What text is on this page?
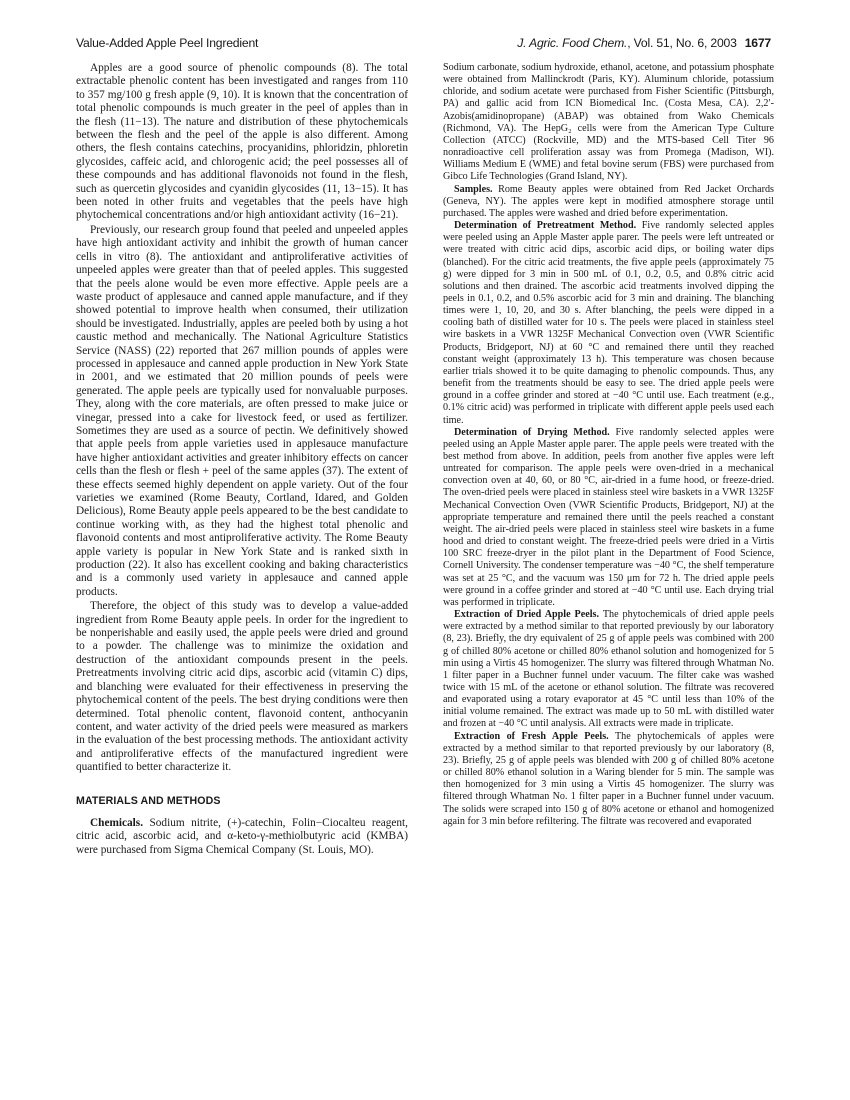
Value-Added Apple Peel Ingredient	J. Agric. Food Chem., Vol. 51, No. 6, 2003 1677

Apples are a good source of phenolic compounds (8). The total extractable phenolic content has been investigated and ranges from 110 to 357 mg/100 g fresh apple (9, 10). It is known that the concentration of total phenolic compounds is much greater in the peel of apples than in the flesh (11−13). The nature and distribution of these phytochemicals between the flesh and the peel of the apple is also different. Among others, the flesh contains catechins, procyanidins, phloridzin, phloretin glycosides, caffeic acid, and chlorogenic acid; the peel possesses all of these compounds and has additional flavonoids not found in the flesh, such as quercetin glycosides and cyanidin glycosides (11, 13−15). It has been noted in other fruits and vegetables that the peels have high phytochemical concentrations and/or high antioxidant activity (16−21).

Previously, our research group found that peeled and unpeeled apples have high antioxidant activity and inhibit the growth of human cancer cells in vitro (8). The antioxidant and antiproliferative activities of unpeeled apples were greater than that of peeled apples. This suggested that the peels alone would be even more effective. Apple peels are a waste product of applesauce and canned apple manufacture, and if they showed potential to improve health when consumed, their utilization should be investigated. Industrially, apples are peeled both by using a hot caustic method and mechanically. The National Agriculture Statistics Service (NASS) (22) reported that 267 million pounds of apples were processed in applesauce and canned apple production in New York State in 2001, and we estimated that 20 million pounds of peels were generated. The apple peels are typically used for nonvaluable purposes. They, along with the core materials, are often pressed to make juice or vinegar, pressed into a cake for livestock feed, or used as fertilizer. Sometimes they are used as a source of pectin. We definitively showed that apple peels from apple varieties used in applesauce manufacture have higher antioxidant activities and greater inhibitory effects on cancer cells than the flesh or flesh + peel of the same apples (37). The extent of these effects seemed highly dependent on apple variety. Out of the four varieties we examined (Rome Beauty, Cortland, Idared, and Golden Delicious), Rome Beauty apple peels appeared to be the best candidate to continue working with, as they had the highest total phenolic and flavonoid contents and most antiproliferative activity. The Rome Beauty apple variety is popular in New York State and is ranked sixth in production (22). It also has excellent cooking and baking characteristics and is a commonly used variety in applesauce and canned apple products.

Therefore, the object of this study was to develop a value-added ingredient from Rome Beauty apple peels. In order for the ingredient to be nonperishable and easily used, the apple peels were dried and ground to a powder. The challenge was to minimize the oxidation and destruction of the antioxidant compounds present in the peels. Pretreatments involving citric acid dips, ascorbic acid (vitamin C) dips, and blanching were evaluated for their effectiveness in preserving the phytochemical content of the peels. The best drying conditions were then determined. Total phenolic content, flavonoid content, anthocyanin content, and water activity of the dried peels were measured as markers in the evaluation of the best processing methods. The antioxidant activity and antiproliferative effects of the manufactured ingredient were quantified to better characterize it.

MATERIALS AND METHODS

Chemicals. Sodium nitrite, (+)-catechin, Folin−Ciocalteu reagent, citric acid, ascorbic acid, and α-keto-γ-methiolbutyric acid (KMBA) were purchased from Sigma Chemical Company (St. Louis, MO).

Sodium carbonate, sodium hydroxide, ethanol, acetone, and potassium phosphate were obtained from Mallinckrodt (Paris, KY). Aluminum chloride, potassium chloride, and sodium acetate were purchased from Fisher Scientific (Pittsburgh, PA) and gallic acid from ICN Biomedical Inc. (Costa Mesa, CA). 2,2′-Azobis(amidinopropane) (ABAP) was obtained from Wako Chemicals (Richmond, VA). The HepG₂ cells were from the American Type Culture Collection (ATCC) (Rockville, MD) and the MTS-based Cell Titer 96 nonradioactive cell proliferation assay was from Promega (Madison, WI). Williams Medium E (WME) and fetal bovine serum (FBS) were purchased from Gibco Life Technologies (Grand Island, NY).

Samples. Rome Beauty apples were obtained from Red Jacket Orchards (Geneva, NY). The apples were kept in modified atmosphere storage until purchased. The apples were washed and dried before experimentation.

Determination of Pretreatment Method. Five randomly selected apples were peeled using an Apple Master apple parer. The peels were left untreated or were treated with citric acid dips, ascorbic acid dips, or boiling water dips (blanched). For the citric acid treatments, the five apple peels (approximately 75 g) were dipped for 3 min in 500 mL of 0.1, 0.2, 0.5, and 0.8% citric acid solutions and then drained. The ascorbic acid treatments involved dipping the peels in 0.1, 0.2, and 0.5% ascorbic acid for 3 min and draining. The blanching times were 1, 10, 20, and 30 s. After blanching, the peels were dipped in a cooling bath of distilled water for 10 s. The peels were placed in stainless steel wire baskets in a VWR 1325F Mechanical Convection oven (VWR Scientific Products, Bridgeport, NJ) at 60 °C and remained there until they reached constant weight (approximately 13 h). This temperature was chosen because earlier trials showed it to be quite damaging to phenolic compounds. Thus, any benefit from the treatments should be easy to see. The dried apple peels were ground in a coffee grinder and stored at −40 °C until use. Each treatment (e.g., 0.1% citric acid) was performed in triplicate with different apple peels used each time.

Determination of Drying Method. Five randomly selected apples were peeled using an Apple Master apple parer. The apple peels were treated with the best method from above. In addition, peels from another five apples were left untreated for comparison. The apple peels were oven-dried in a mechanical convection oven at 40, 60, or 80 °C, air-dried in a fume hood, or freeze-dried. The oven-dried peels were placed in stainless steel wire baskets in a VWR 1325F Mechanical Convection Oven (VWR Scientific Products, Bridgeport, NJ) at the appropriate temperature and remained there until the peels reached a constant weight. The air-dried peels were placed in stainless steel wire baskets in a fume hood and dried to constant weight. The freeze-dried peels were dried in a Virtis 100 SRC freeze-dryer in the pilot plant in the Department of Food Science, Cornell University. The condenser temperature was −40 °C, the shelf temperature was set at 25 °C, and the vacuum was 150 μm for 72 h. The dried apple peels were ground in a coffee grinder and stored at −40 °C until use. Each drying trial was performed in triplicate.

Extraction of Dried Apple Peels. The phytochemicals of dried apple peels were extracted by a method similar to that reported previously by our laboratory (8, 23). Briefly, the dry equivalent of 25 g of apple peels was combined with 200 g of chilled 80% acetone or chilled 80% ethanol solution and homogenized for 5 min using a Virtis 45 homogenizer. The slurry was filtered through Whatman No. 1 filter paper in a Buchner funnel under vacuum. The filter cake was washed twice with 15 mL of the acetone or ethanol solution. The filtrate was recovered and evaporated using a rotary evaporator at 45 °C until less than 10% of the initial volume remained. The extract was made up to 50 mL with distilled water and frozen at −40 °C until analysis. All extracts were made in triplicate.

Extraction of Fresh Apple Peels. The phytochemicals of apples were extracted by a method similar to that reported previously by our laboratory (8, 23). Briefly, 25 g of apple peels was blended with 200 g of chilled 80% acetone or chilled 80% ethanol solution in a Waring blender for 5 min. The sample was then homogenized for 3 min using a Virtis 45 homogenizer. The slurry was filtered through Whatman No. 1 filter paper in a Buchner funnel under vacuum. The solids were scraped into 150 g of 80% acetone or ethanol and homogenized again for 3 min before refiltering. The filtrate was recovered and evaporated
